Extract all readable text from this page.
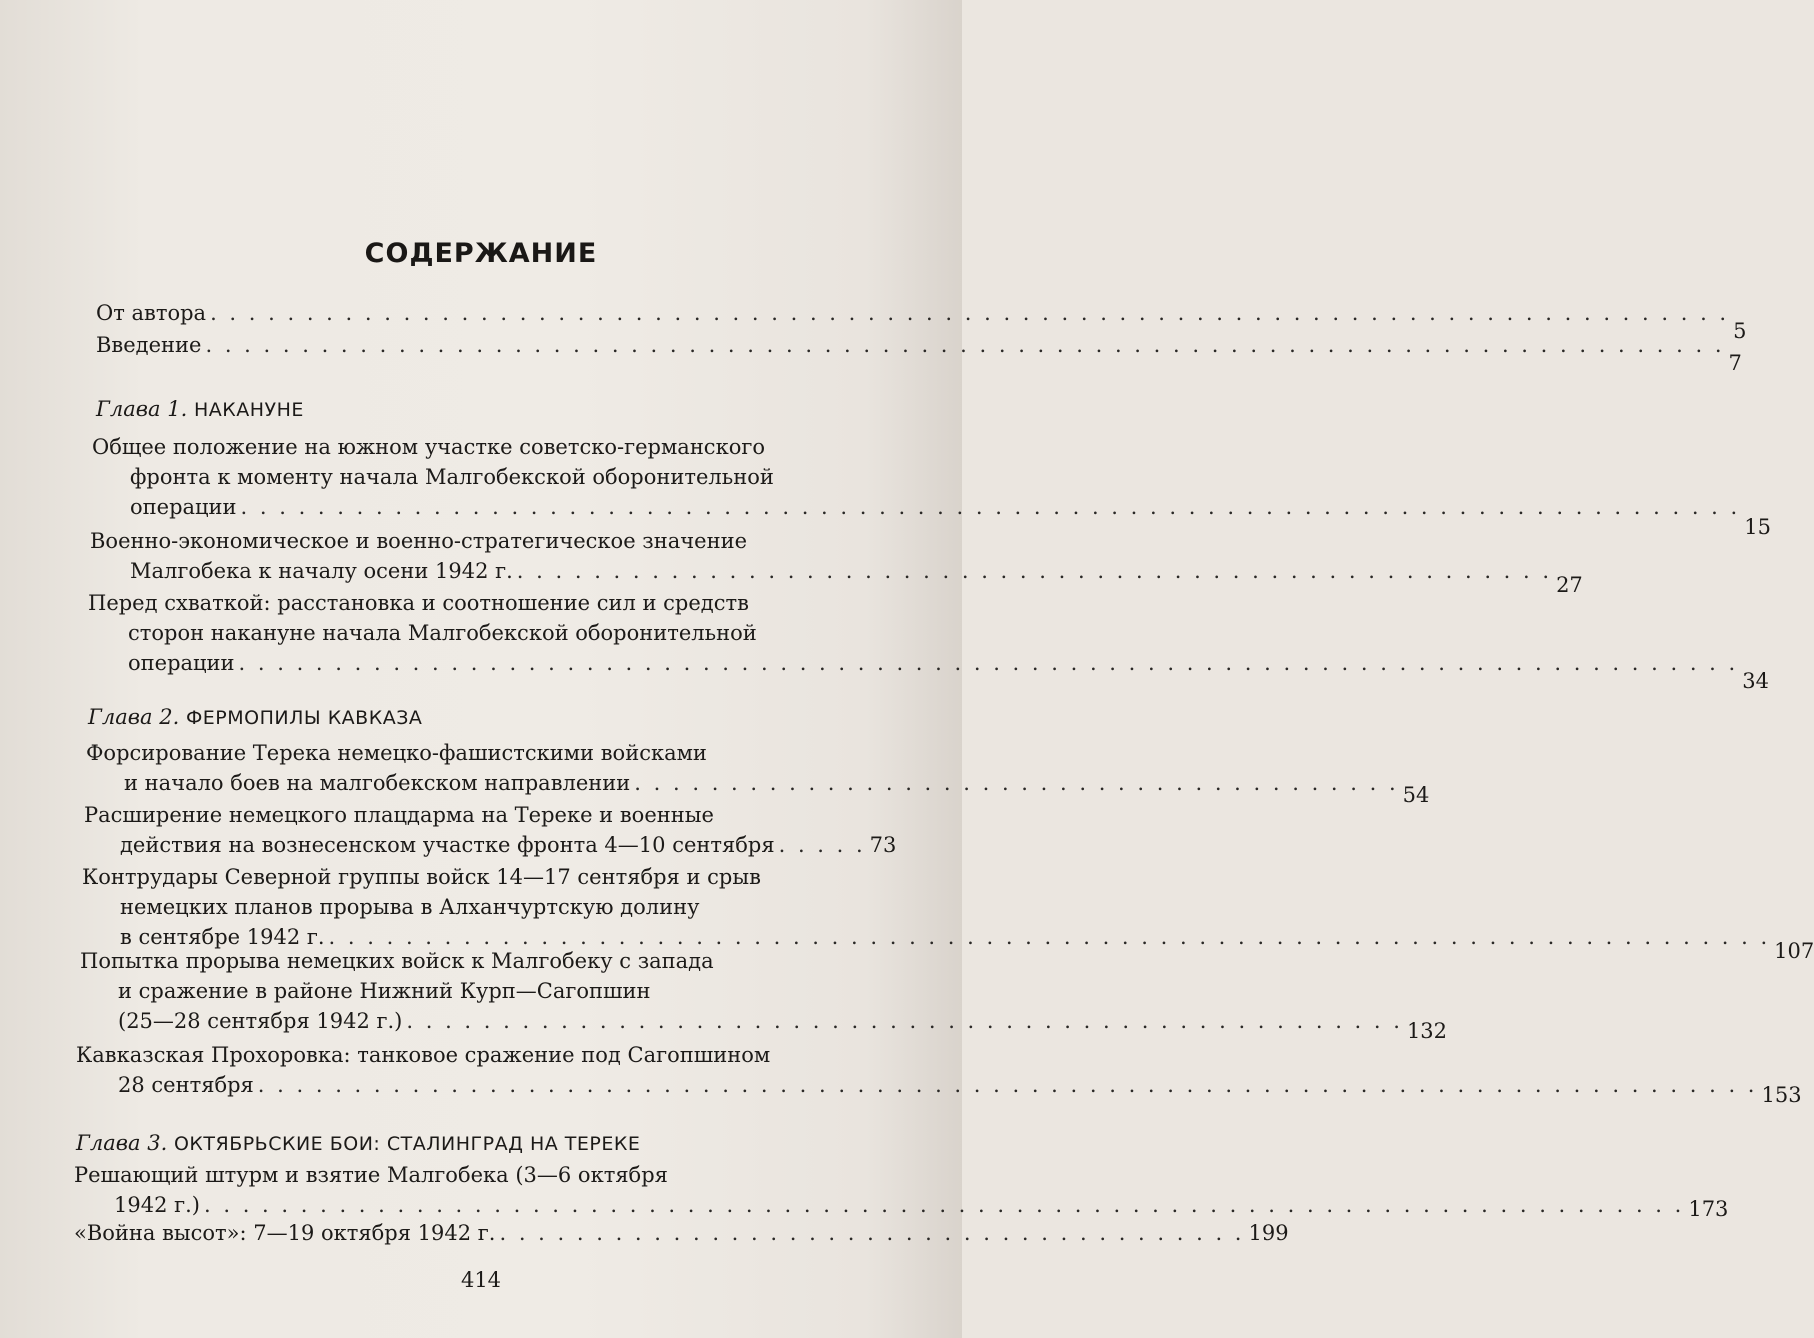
СОДЕРЖАНИЕ
От автора . . . . . . . . . . . . . . . . . . . . . . . . . . . . . . . . . . . . . . . . . . . . . . . . . . . . . . . . . . . . . . . . . . . . . . . . . . . . . . .
5
Введение . . . . . . . . . . . . . . . . . . . . . . . . . . . . . . . . . . . . . . . . . . . . . . . . . . . . . . . . . . . . . . . . . . . . . . . . . . . . . . .
7
Глава 1. НАКАНУНЕ
Общее положение на южном участке советско-германского
фронта к моменту начала Малгобекской оборонительной
операции . . . . . . . . . . . . . . . . . . . . . . . . . . . . . . . . . . . . . . . . . . . . . . . . . . . . . . . . . . . . . . . . . . . . . . . . . . . . . .
15
Военно-экономическое и военно-стратегическое значение
Малгобека к началу осени 1942 г. . . . . . . . . . . . . . . . . . . . . . . . . . . . . . . . . . . . . . . . . . . . . . . . . . . . . . .
27
Перед схваткой: расстановка и соотношение сил и средств
сторон накануне начала Малгобекской оборонительной
операции . . . . . . . . . . . . . . . . . . . . . . . . . . . . . . . . . . . . . . . . . . . . . . . . . . . . . . . . . . . . . . . . . . . . . . . . . . . . . .
34
Глава 2. ФЕРМОПИЛЫ КАВКАЗА
Форсирование Терека немецко-фашистскими войсками
и начало боев на малгобекском направлении . . . . . . . . . . . . . . . . . . . . . . . . . . . . . . . . . . . . . . . . 54
Расширение немецкого плацдарма на Тереке и военные
действия на вознесенском участке фронта 4—10 сентября . . . . . 73
Контрудары Северной группы войск 14—17 сентября и срыв
немецких планов прорыва в Алханчуртскую долину
в сентябре 1942 г. . . . . . . . . . . . . . . . . . . . . . . . . . . . . . . . . . . . . . . . . . . . . . . . . . . . . . . . . . . . . . . . . . . . . . . . . . . .
107
Попытка прорыва немецких войск к Малгобеку с запада
и сражение в районе Нижний Курп—Сагопшин
(25—28 сентября 1942 г.) . . . . . . . . . . . . . . . . . . . . . . . . . . . . . . . . . . . . . . . . . . . . . . . . . . . . 132
Кавказская Прохоровка: танковое сражение под Сагопшином
28 сентября . . . . . . . . . . . . . . . . . . . . . . . . . . . . . . . . . . . . . . . . . . . . . . . . . . . . . . . . . . . . . . . . . . . . . . . . . . . . . . 153
Глава 3. ОКТЯБРЬСКИЕ БОИ: СТАЛИНГРАД НА ТЕРЕКЕ
Решающий штурм и взятие Малгобека (3—6 октября
1942 г.) . . . . . . . . . . . . . . . . . . . . . . . . . . . . . . . . . . . . . . . . . . . . . . . . . . . . . . . . . . . . . . . . . . . . . . . . . . . . . 173
«Война высот»: 7—19 октября 1942 г. . . . . . . . . . . . . . . . . . . . . . . . . . . . . . . . . . . . . . . . 199
414
